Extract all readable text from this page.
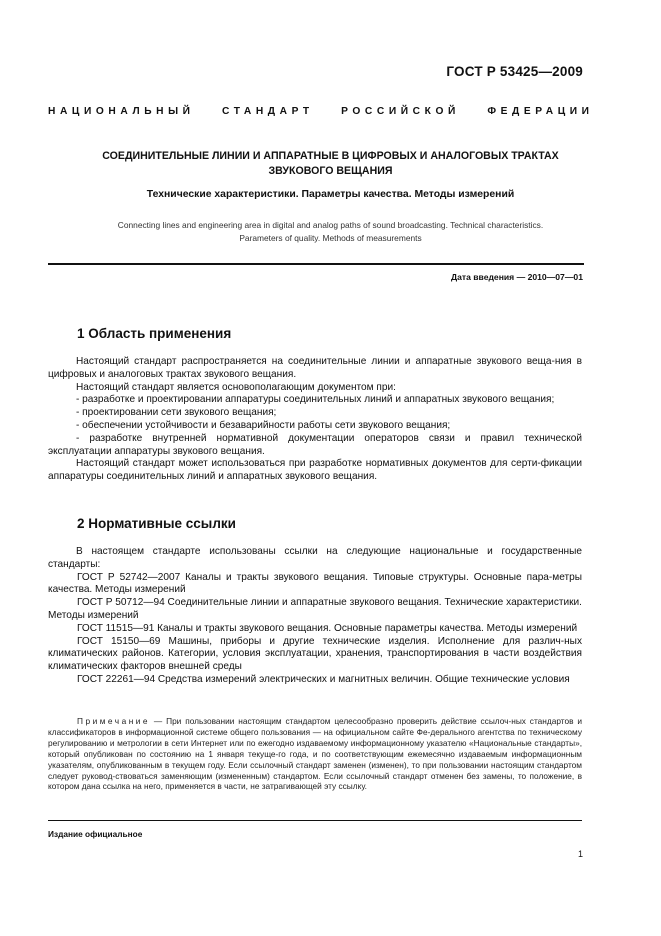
ГОСТ Р 53425—2009
НАЦИОНАЛЬНЫЙ СТАНДАРТ РОССИЙСКОЙ ФЕДЕРАЦИИ
СОЕДИНИТЕЛЬНЫЕ ЛИНИИ И АППАРАТНЫЕ В ЦИФРОВЫХ И АНАЛОГОВЫХ ТРАКТАХ
ЗВУКОВОГО ВЕЩАНИЯ
Технические характеристики. Параметры качества. Методы измерений
Connecting lines and engineering area in digital and analog paths of sound broadcasting. Technical characteristics.
Parameters of quality. Methods of measurements
Дата введения — 2010—07—01
1 Область применения

Настоящий стандарт распространяется на соединительные линии и аппаратные звукового веща-ния в цифровых и аналоговых трактах звукового вещания.

Настоящий стандарт является основополагающим документом при:

- разработке и проектировании аппаратуры соединительных линий и аппаратных звукового вещания;

- проектировании сети звукового вещания;

- обеспечении устойчивости и безаварийности работы сети звукового вещания;

- разработке внутренней нормативной документации операторов связи и правил технической эксплуатации аппаратуры звукового вещания.

Настоящий стандарт может использоваться при разработке нормативных документов для серти-фикации аппаратуры соединительных линий и аппаратных звукового вещания.

2 Нормативные ссылки

В настоящем стандарте использованы ссылки на следующие национальные и государственные стандарты:

ГОСТ Р 52742—2007 Каналы и тракты звукового вещания. Типовые структуры. Основные пара-метры качества. Методы измерений

ГОСТ Р 50712—94 Соединительные линии и аппаратные звукового вещания. Технические характеристики. Методы измерений

ГОСТ 11515—91 Каналы и тракты звукового вещания. Основные параметры качества. Методы измерений

ГОСТ 15150—69 Машины, приборы и другие технические изделия. Исполнение для различ-ных климатических районов. Категории, условия эксплуатации, хранения, транспортирования в части воздействия климатических факторов внешней среды

ГОСТ 22261—94 Средства измерений электрических и магнитных величин. Общие технические условия

Примечание — При пользовании настоящим стандартом целесообразно проверить действие ссылоч-ных стандартов и классификаторов в информационной системе общего пользования — на официальном сайте Фе-дерального агентства по техническому регулированию и метрологии в сети Интернет или по ежегодно издаваемому информационному указателю «Национальные стандарты», который опубликован по состоянию на 1 января текуще-го года, и по соответствующим ежемесячно издаваемым информационным указателям, опубликованным в текущем году. Если ссылочный стандарт заменен (изменен), то при пользовании настоящим стандартом следует руковод-ствоваться заменяющим (измененным) стандартом. Если ссылочный стандарт отменен без замены, то положение, в котором дана ссылка на него, применяется в части, не затрагивающей эту ссылку.
Издание официальное
1
